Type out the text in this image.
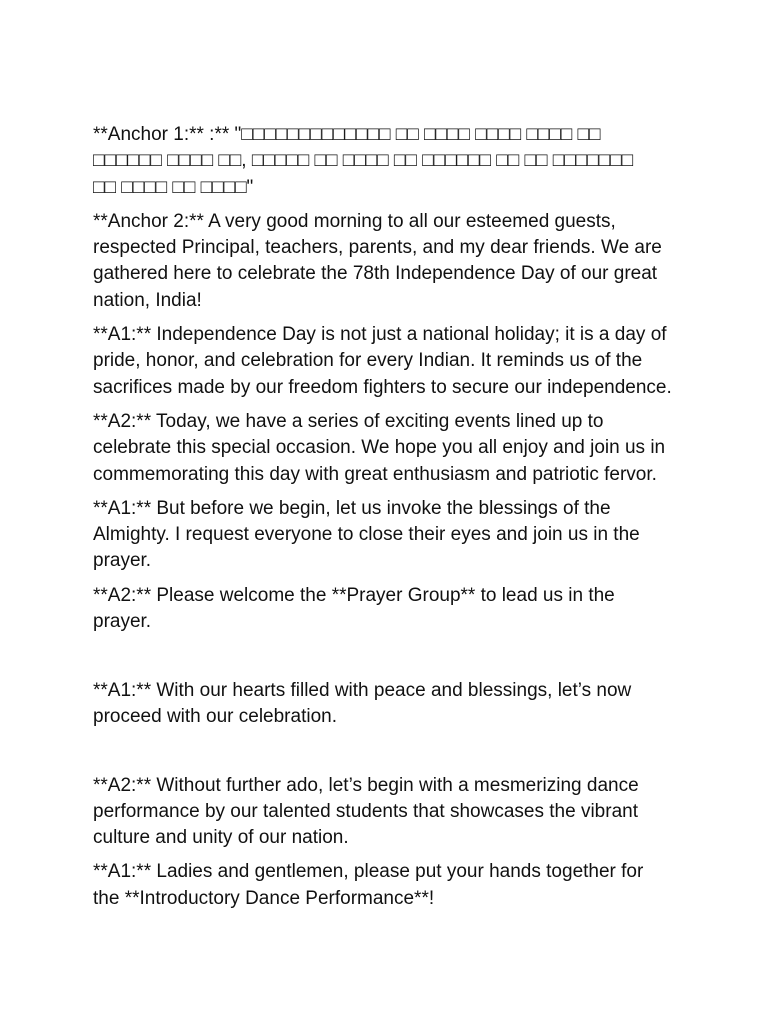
**Anchor 1:** :** "□□□□□□□□□□□□□ □□ □□□□ □□□□ □□□□ □□
□□□□□□ □□□□ □□, □□□□□ □□ □□□□ □□ □□□□□□ □□ □□ □□□□□□□
□□ □□□□ □□ □□□□"
**Anchor 2:** A very good morning to all our esteemed guests,
respected Principal, teachers, parents, and my dear friends. We are
gathered here to celebrate the 78th Independence Day of our great
nation, India!
**A1:** Independence Day is not just a national holiday; it is a day of
pride, honor, and celebration for every Indian. It reminds us of the
sacrifices made by our freedom fighters to secure our independence.
**A2:** Today, we have a series of exciting events lined up to
celebrate this special occasion. We hope you all enjoy and join us in
commemorating this day with great enthusiasm and patriotic fervor.
**A1:** But before we begin, let us invoke the blessings of the
Almighty. I request everyone to close their eyes and join us in the
prayer.
**A2:** Please welcome the **Prayer Group** to lead us in the
prayer.
**A1:** With our hearts filled with peace and blessings, let’s now
proceed with our celebration.
**A2:** Without further ado, let’s begin with a mesmerizing dance
performance by our talented students that showcases the vibrant
culture and unity of our nation.
**A1:** Ladies and gentlemen, please put your hands together for
the **Introductory Dance Performance**!
